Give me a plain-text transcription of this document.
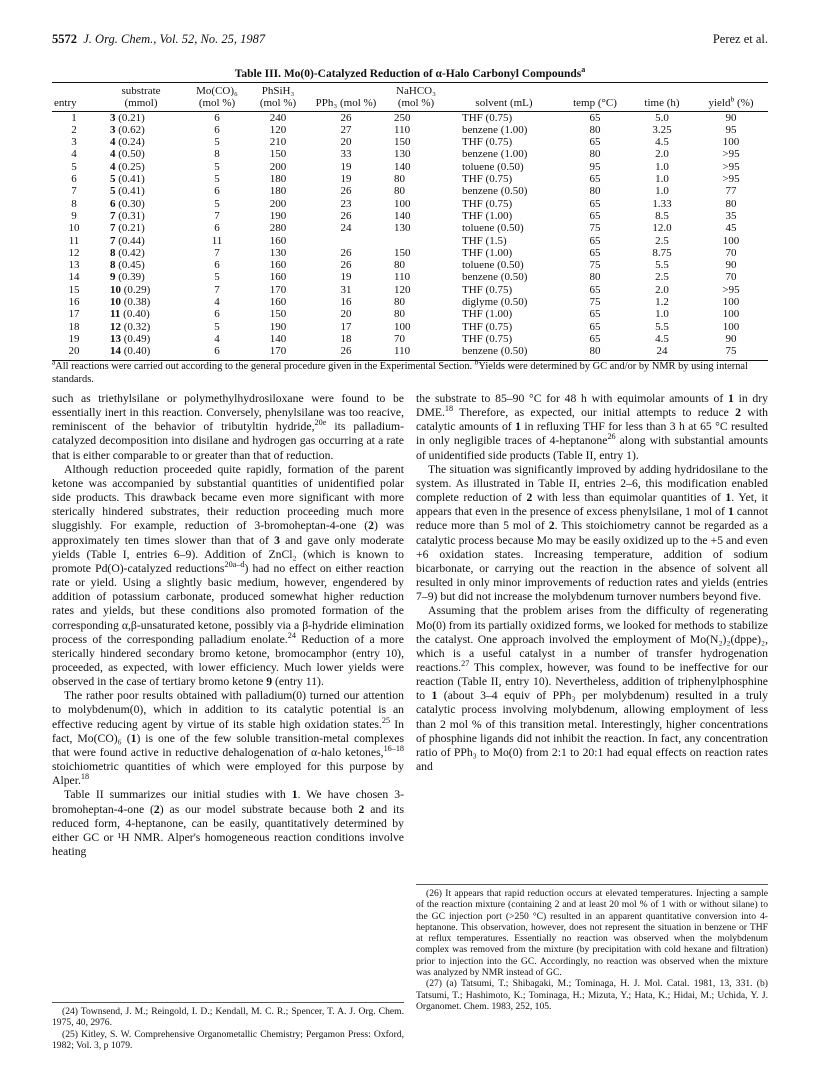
5572 J. Org. Chem., Vol. 52, No. 25, 1987	Perez et al.
Table III. Mo(0)-Catalyzed Reduction of α-Halo Carbonyl Compounds$^a$
	substrate	Mo(CO)₆	PhSiH₃		NaHCO₃				
entry	(mmol)	(mol %)	(mol %)	PPh₃ (mol %)	(mol %)	solvent (mL)	temp (°C)	time (h)	yield$^b$ (%)
1	3 (0.21)	6	240	26	250	THF (0.75)	65	5.0	90
2	3 (0.62)	6	120	27	110	benzene (1.00)	80	3.25	95
3	4 (0.24)	5	210	20	150	THF (0.75)	65	4.5	100
4	4 (0.50)	8	150	33	130	benzene (1.00)	80	2.0	>95
5	4 (0.25)	5	200	19	140	toluene (0.50)	95	1.0	>95
6	5 (0.41)	5	180	19	80	THF (0.75)	65	1.0	>95
7	5 (0.41)	6	180	26	80	benzene (0.50)	80	1.0	77
8	6 (0.30)	5	200	23	100	THF (0.75)	65	1.33	80
9	7 (0.31)	7	190	26	140	THF (1.00)	65	8.5	35
10	7 (0.21)	6	280	24	130	toluene (0.50)	75	12.0	45
11	7 (0.44)	11	160			THF (1.5)	65	2.5	100
12	8 (0.42)	7	130	26	150	THF (1.00)	65	8.75	70
13	8 (0.45)	6	160	26	80	toluene (0.50)	75	5.5	90
14	9 (0.39)	5	160	19	110	benzene (0.50)	80	2.5	70
15	10 (0.29)	7	170	31	120	THF (0.75)	65	2.0	>95
16	10 (0.38)	4	160	16	80	diglyme (0.50)	75	1.2	100
17	11 (0.40)	6	150	20	80	THF (1.00)	65	1.0	100
18	12 (0.32)	5	190	17	100	THF (0.75)	65	5.5	100
19	13 (0.49)	4	140	18	70	THF (0.75)	65	4.5	90
20	14 (0.40)	6	170	26	110	benzene (0.50)	80	24	75
$^a$All reactions were carried out according to the general procedure given in the Experimental Section. $^b$Yields were determined by GC and/or by NMR by using internal standards.

such as triethylsilane or polymethylhydrosiloxane were found to be essentially inert in this reaction. Conversely, phenylsilane was too reacive, reminiscent of the behavior of tributyltin hydride,$^{20e}$ its palladium-catalyzed decomposition into disilane and hydrogen gas occurring at a rate that is either comparable to or greater than that of reduction.

Although reduction proceeded quite rapidly, formation of the parent ketone was accompanied by substantial quantities of unidentified polar side products. This drawback became even more significant with more sterically hindered substrates, their reduction proceeding much more sluggishly. For example, reduction of 3-bromoheptan-4-one (2) was approximately ten times slower than that of 3 and gave only moderate yields (Table I, entries 6–9). Addition of ZnCl₂ (which is known to promote Pd(O)-catalyzed reductions$^{20a-d}$) had no effect on either reaction rate or yield. Using a slightly basic medium, however, engendered by addition of potassium carbonate, produced somewhat higher reduction rates and yields, but these conditions also promoted formation of the corresponding α,β-unsaturated ketone, possibly via a β-hydride elimination process of the corresponding palladium enolate.$^{24}$ Reduction of a more sterically hindered secondary bromo ketone, bromocamphor (entry 10), proceeded, as expected, with lower efficiency. Much lower yields were observed in the case of tertiary bromo ketone 9 (entry 11).

The rather poor results obtained with palladium(0) turned our attention to molybdenum(0), which in addition to its catalytic potential is an effective reducing agent by virtue of its stable high oxidation states.$^{25}$ In fact, Mo(CO)₆ (1) is one of the few soluble transition-metal complexes that were found active in reductive dehalogenation of α-halo ketones,$^{16-18}$ stoichiometric quantities of which were employed for this purpose by Alper.$^{18}$

Table II summarizes our initial studies with 1. We have chosen 3-bromoheptan-4-one (2) as our model substrate because both 2 and its reduced form, 4-heptanone, can be easily, quantitatively determined by either GC or ¹H NMR. Alper's homogeneous reaction conditions involve heating

the substrate to 85–90 °C for 48 h with equimolar amounts of 1 in dry DME.$^{18}$ Therefore, as expected, our initial attempts to reduce 2 with catalytic amounts of 1 in refluxing THF for less than 3 h at 65 °C resulted in only negligible traces of 4-heptanone$^{26}$ along with substantial amounts of unidentified side products (Table II, entry 1).

The situation was significantly improved by adding hydridosilane to the system. As illustrated in Table II, entries 2–6, this modification enabled complete reduction of 2 with less than equimolar quantities of 1. Yet, it appears that even in the presence of excess phenylsilane, 1 mol of 1 cannot reduce more than 5 mol of 2. This stoichiometry cannot be regarded as a catalytic process because Mo may be easily oxidized up to the +5 and even +6 oxidation states. Increasing temperature, addition of sodium bicarbonate, or carrying out the reaction in the absence of solvent all resulted in only minor improvements of reduction rates and yields (entries 7–9) but did not increase the molybdenum turnover numbers beyond five.

Assuming that the problem arises from the difficulty of regenerating Mo(0) from its partially oxidized forms, we looked for methods to stabilize the catalyst. One approach involved the employment of Mo(N₂)₂(dppe)₂, which is a useful catalyst in a number of transfer hydrogenation reactions.$^{27}$ This complex, however, was found to be ineffective for our reaction (Table II, entry 10). Nevertheless, addition of triphenylphosphine to 1 (about 3–4 equiv of PPh₃ per molybdenum) resulted in a truly catalytic process involving molybdenum, allowing employment of less than 2 mol % of this transition metal. Interestingly, higher concentrations of phosphine ligands did not inhibit the reaction. In fact, any concentration ratio of PPh₃ to Mo(0) from 2:1 to 20:1 had equal effects on reaction rates and

(24) Townsend, J. M.; Reingold, I. D.; Kendall, M. C. R.; Spencer, T. A. J. Org. Chem. 1975, 40, 2976.

(25) Kitley, S. W. Comprehensive Organometallic Chemistry; Pergamon Press: Oxford, 1982; Vol. 3, p 1079.

(26) It appears that rapid reduction occurs at elevated temperatures. Injecting a sample of the reaction mixture (containing 2 and at least 20 mol % of 1 with or without silane) to the GC injection port (>250 °C) resulted in an apparent quantitative conversion into 4-heptanone. This observation, however, does not represent the situation in benzene or THF at reflux temperatures. Essentially no reaction was observed when the molybdenum complex was removed from the mixture (by precipitation with cold hexane and filtration) prior to injection into the GC. Accordingly, no reaction was observed when the mixture was analyzed by NMR instead of GC.

(27) (a) Tatsumi, T.; Shibagaki, M.; Tominaga, H. J. Mol. Catal. 1981, 13, 331. (b) Tatsumi, T.; Hashimoto, K.; Tominaga, H.; Mizuta, Y.; Hata, K.; Hidai, M.; Uchida, Y. J. Organomet. Chem. 1983, 252, 105.
